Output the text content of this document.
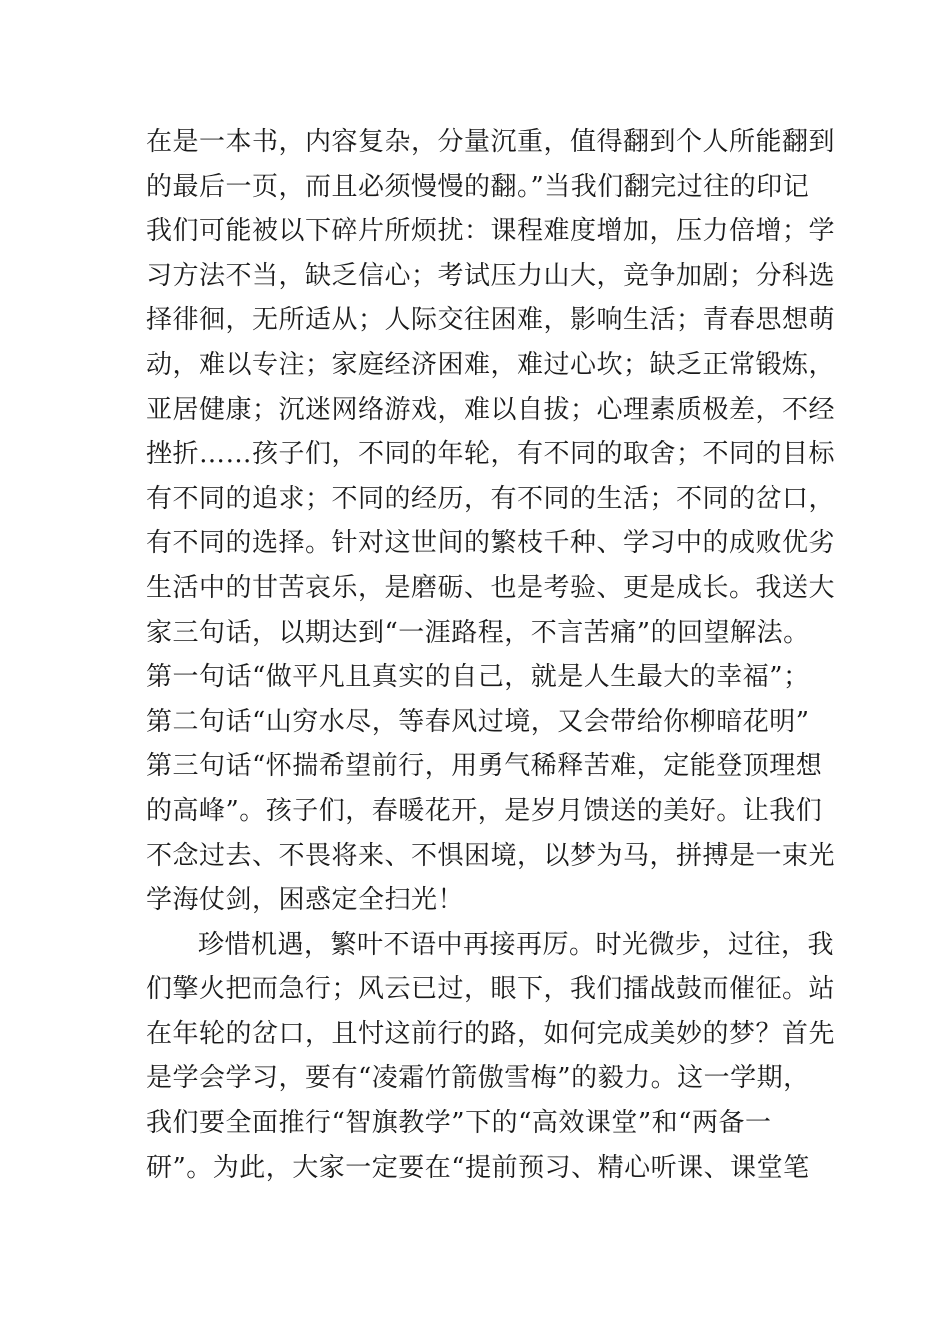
在是一本书，内容复杂，分量沉重，值得翻到个人所能翻到
的最后一页，而且必须慢慢的翻。”当我们翻完过往的印记
我们可能被以下碎片所烦扰：课程难度增加，压力倍增；学
习方法不当，缺乏信心；考试压力山大，竞争加剧；分科选
择徘徊，无所适从；人际交往困难，影响生活；青春思想萌
动，难以专注；家庭经济困难，难过心坎；缺乏正常锻炼，
亚居健康；沉迷网络游戏，难以自拔；心理素质极差，不经
挫折……孩子们，不同的年轮，有不同的取舍；不同的目标
有不同的追求；不同的经历，有不同的生活；不同的岔口，
有不同的选择。针对这世间的繁枝千种、学习中的成败优劣
生活中的甘苦哀乐，是磨砺、也是考验、更是成长。我送大
家三句话，以期达到“一涯路程，不言苦痛”的回望解法。
第一句话“做平凡且真实的自己，就是人生最大的幸福”；
第二句话“山穷水尽，等春风过境，又会带给你柳暗花明”
第三句话“怀揣希望前行，用勇气稀释苦难，定能登顶理想
的高峰”。孩子们，春暖花开，是岁月馈送的美好。让我们
不念过去、不畏将来、不惧困境，以梦为马，拼搏是一束光
学海仗剑，困惑定全扫光！
珍惜机遇，繁叶不语中再接再厉。时光微步，过往，我
们擎火把而急行；风云已过，眼下，我们擂战鼓而催征。站
在年轮的岔口，且忖这前行的路，如何完成美妙的梦？首先
是学会学习，要有“凌霜竹箭傲雪梅”的毅力。这一学期，
我们要全面推行“智旗教学”下的“高效课堂”和“两备一
研”。为此，大家一定要在“提前预习、精心听课、课堂笔
